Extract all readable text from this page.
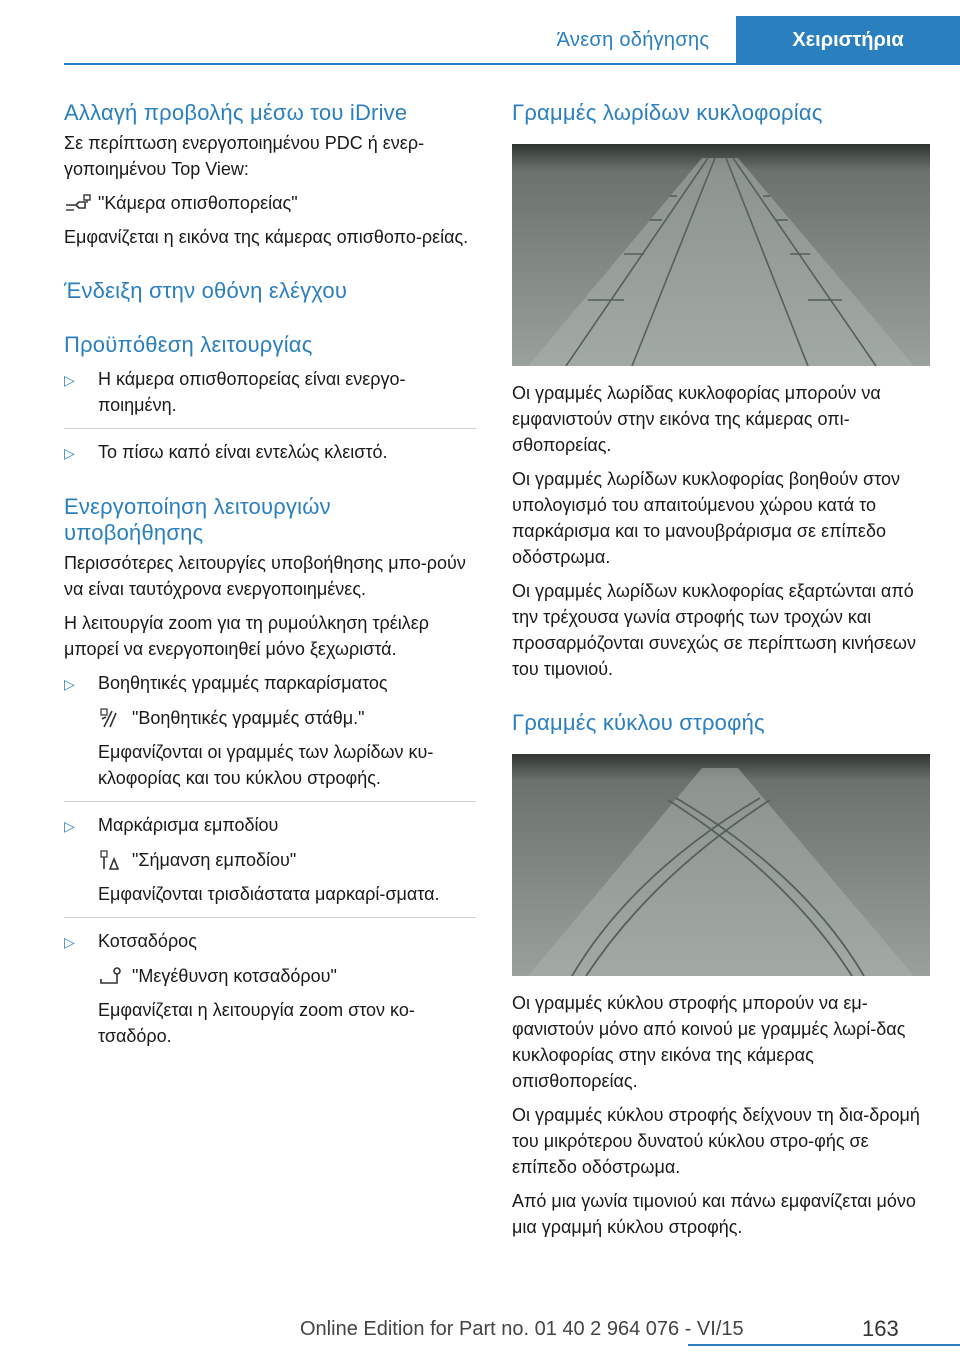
Άνεση οδήγησης	Χειριστήρια
Αλλαγή προβολής μέσω του iDrive

Σε περίπτωση ενεργοποιημένου PDC ή ενερ-γοποιημένου Top View:

"Κάμερα οπισθοπορείας"

Εμφανίζεται η εικόνα της κάμερας οπισθοπο-ρείας.

Ένδειξη στην οθόνη ελέγχου
Προϋπόθεση λειτουργίας
▷	Η κάμερα οπισθοπορείας είναι ενεργο-ποιημένη.
▷	Το πίσω καπό είναι εντελώς κλειστό.
Ενεργοποίηση λειτουργιών υποβοήθησης

Περισσότερες λειτουργίες υποβοήθησης μπο-ρούν να είναι ταυτόχρονα ενεργοποιημένες.

Η λειτουργία zoom για τη ρυμούλκηση τρέιλερ μπορεί να ενεργοποιηθεί μόνο ξεχωριστά.

▷	Βοηθητικές γραμμές παρκαρίσματος
"Βοηθητικές γραμμές στάθμ."

Εμφανίζονται οι γραμμές των λωρίδων κυ-κλοφορίας και του κύκλου στροφής.

▷	Μαρκάρισμα εμποδίου
"Σήμανση εμποδίου"

Εμφανίζονται τρισδιάστατα μαρκαρί-σματα.

▷	Κοτσαδόρος
"Μεγέθυνση κοτσαδόρου"

Εμφανίζεται η λειτουργία zoom στον κο-τσαδόρο.

Γραμμές λωρίδων κυκλοφορίας

Οι γραμμές λωρίδας κυκλοφορίας μπορούν να εμφανιστούν στην εικόνα της κάμερας οπι-σθοπορείας.

Οι γραμμές λωρίδων κυκλοφορίας βοηθούν στον υπολογισμό του απαιτούμενου χώρου κατά το παρκάρισμα και το μανουβράρισμα σε επίπεδο οδόστρωμα.

Οι γραμμές λωρίδων κυκλοφορίας εξαρτώνται από την τρέχουσα γωνία στροφής των τροχών και προσαρμόζονται συνεχώς σε περίπτωση κινήσεων του τιμονιού.

Γραμμές κύκλου στροφής

Οι γραμμές κύκλου στροφής μπορούν να εμ-φανιστούν μόνο από κοινού με γραμμές λωρί-δας κυκλοφορίας στην εικόνα της κάμερας οπισθοπορείας.

Οι γραμμές κύκλου στροφής δείχνουν τη δια-δρομή του μικρότερου δυνατού κύκλου στρο-φής σε επίπεδο οδόστρωμα.

Από μια γωνία τιμονιού και πάνω εμφανίζεται μόνο μια γραμμή κύκλου στροφής.

163
Online Edition for Part no. 01 40 2 964 076 - VI/15
